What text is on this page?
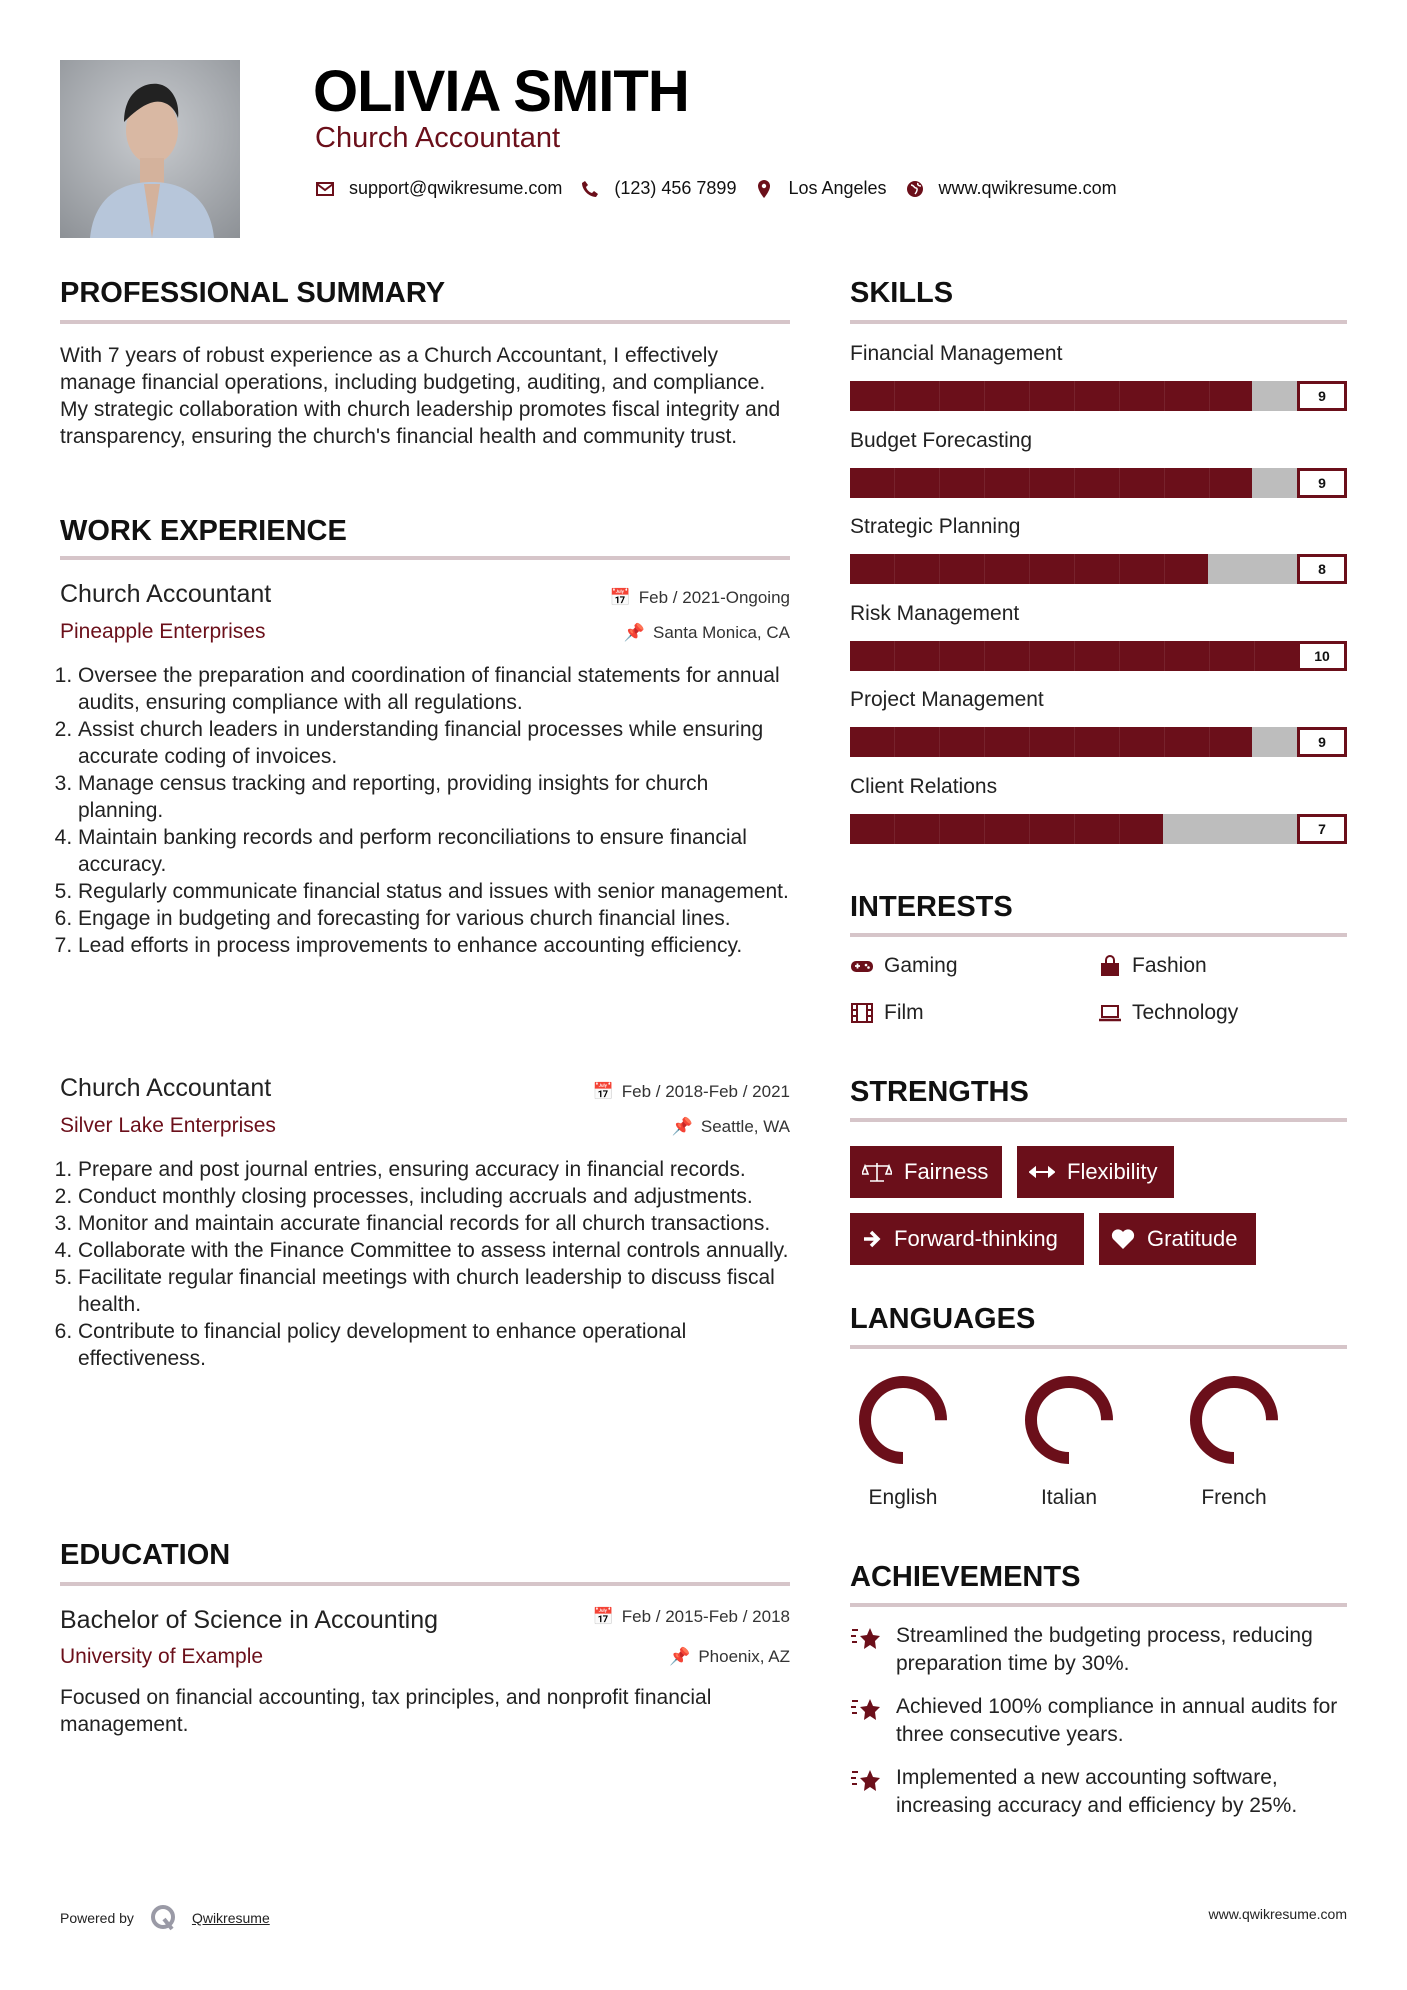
OLIVIA SMITH
Church Accountant
support@qwikresume.com	(123) 456 7899	Los Angeles	www.qwikresume.com
PROFESSIONAL SUMMARY
With 7 years of robust experience as a Church Accountant, I effectively manage financial operations, including budgeting, auditing, and compliance. My strategic collaboration with church leadership promotes fiscal integrity and transparency, ensuring the church's financial health and community trust.
WORK EXPERIENCE
Church Accountant	📅 Feb / 2021-Ongoing
Pineapple Enterprises	📌 Santa Monica, CA
1. Oversee the preparation and coordination of financial statements for annual audits, ensuring compliance with all regulations.
2. Assist church leaders in understanding financial processes while ensuring accurate coding of invoices.
3. Manage census tracking and reporting, providing insights for church planning.
4. Maintain banking records and perform reconciliations to ensure financial accuracy.
5. Regularly communicate financial status and issues with senior management.
6. Engage in budgeting and forecasting for various church financial lines.
7. Lead efforts in process improvements to enhance accounting efficiency.
Church Accountant	📅 Feb / 2018-Feb / 2021
Silver Lake Enterprises	📌 Seattle, WA
1. Prepare and post journal entries, ensuring accuracy in financial records.
2. Conduct monthly closing processes, including accruals and adjustments.
3. Monitor and maintain accurate financial records for all church transactions.
4. Collaborate with the Finance Committee to assess internal controls annually.
5. Facilitate regular financial meetings with church leadership to discuss fiscal health.
6. Contribute to financial policy development to enhance operational effectiveness.
EDUCATION
Bachelor of Science in Accounting	📅 Feb / 2015-Feb / 2018
University of Example	📌 Phoenix, AZ
Focused on financial accounting, tax principles, and nonprofit financial management.
SKILLS
Financial Management
9
Budget Forecasting
9
Strategic Planning
8
Risk Management
10
Project Management
9
Client Relations
7
INTERESTS
Gaming	Fashion
Film	Technology
STRENGTHS
Fairness	Flexibility
Forward-thinking	Gratitude
LANGUAGES
English	Italian	French
ACHIEVEMENTS
Streamlined the budgeting process, reducing preparation time by 30%.
Achieved 100% compliance in annual audits for three consecutive years.
Implemented a new accounting software, increasing accuracy and efficiency by 25%.
Powered by	Qwikresume	www.qwikresume.com
